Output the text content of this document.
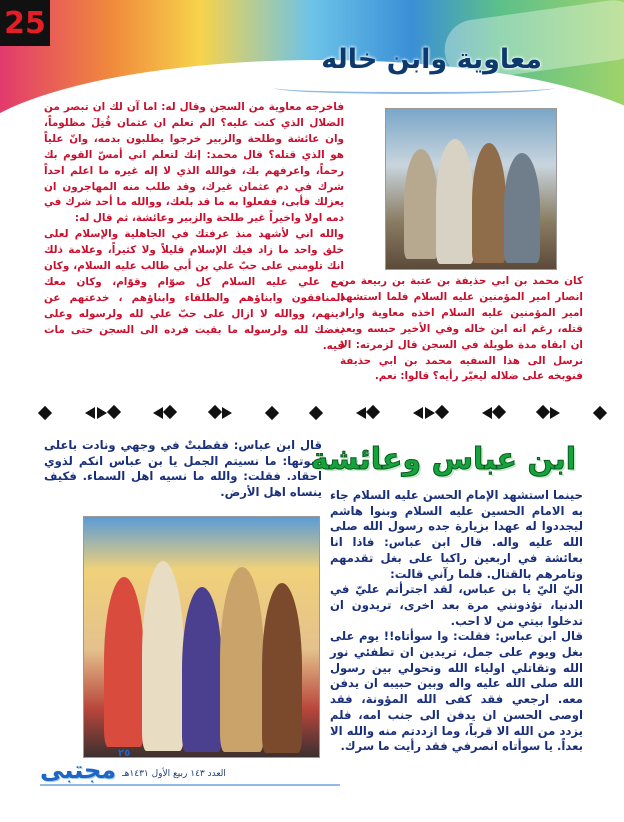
25
معاوية وابن خاله

فاخرجه معاوية من السجن وقال له: اما آن لك ان تبصر من الضلال الذي كنت عليه؟ الم تعلم ان عثمان قُتِلَ مظلوماً، وان عائشة وطلحة والزبير خرجوا يطلبون بدمه، وانّ علياً هو الذي قتله؟ قال محمد: إنك لتعلم اني أمسّ القوم بك رحماً، واعرفهم بك، فوالله الذي لا إله غيره ما اعلم احداً شرك في دم عثمان غيرك، وقد طلب منه المهاجرون ان يعزلك فأبى، ففعلوا به ما قد بلغك، ووالله ما أحد شرك في دمه اولا واخيراً غير طلحة والزبير وعائشة، ثم قال له:

والله اني لأشهد منذ عرفتك في الجاهلية والإسلام لعلى خلق واحد ما زاد فيك الإسلام قليلاً ولا كثيراً، وعلامة ذلك انك تلومني على حبّ علي بن أبي طالب عليه السلام، وكان مع علي عليه السلام كل صوّام وقوّام، وكان معك المنافقون وابناؤهم والطلقاء وابناؤهم ، خدعتهم عن دينهم، ووالله لا ازال على حبّ علي لله ولرسوله وعلى بغضك لله ولرسوله ما بقيت فرده الى السجن حتى مات فيه.

كان محمد بن ابي حذيفة بن عتبة بن ربيعة من انصار امير المؤمنين عليه السلام فلما استشهد امير المؤمنين عليه السلام اخذه معاوية واراد قتله، رغم انه ابن خاله وفي الأخير حبسه وبعد ان ابقاه مدة طويلة في السجن قال لزمرته: الا نرسل الى هذا السفيه محمد بن ابي حذيفة فنوبخه على ضلاله ليغيّر رأيه؟ قالوا: نعم.
قال ابن عباس: فقطبتْ في وجهي ونادت باعلى صوتها: ما نسيتم الجمل يا بن عباس انكم لذوي احقاد. فقلت: والله ما نسيه اهل السماء. فكيف ينساه اهل الأرض.
ابن عباس وعائشة

حينما استشهد الإمام الحسن عليه السلام جاء به الامام الحسين عليه السلام وبنوا هاشم ليجددوا له عهدا بزيارة جده رسول الله صلى الله عليه واله. قال ابن عباس: فاذا انا بعائشة في اربعين راكبا على بغل تقدمهم وتامرهم بالقتال. فلما رآني قالت:

اليّ اليّ يا بن عباس، لقد اجترأتم عليّ في الدنيا، تؤذونني مرة بعد اخرى، تريدون ان تدخلوا بيتي من لا احب.

قال ابن عباس: فقلت: وا سوأتاه!! يوم على بغل ويوم على جمل، تريدين ان تطفئي نور الله وتقاتلي اولياء الله وتحولي بين رسول الله صلى الله عليه واله وبين حبيبه ان يدفن معه. ارجعي فقد كفى الله المؤونة، فقد اوصى الحسن ان يدفن الى جنب امه، فلم يزدد من الله الا قرباً، وما ازددتم منه والله الا بعداً. يا سوأتاه انصرفي فقد رأيت ما سرك.

مجتبى
٢٥
العدد ١٤٣ ربيع الأول ١٤٣١هـ
